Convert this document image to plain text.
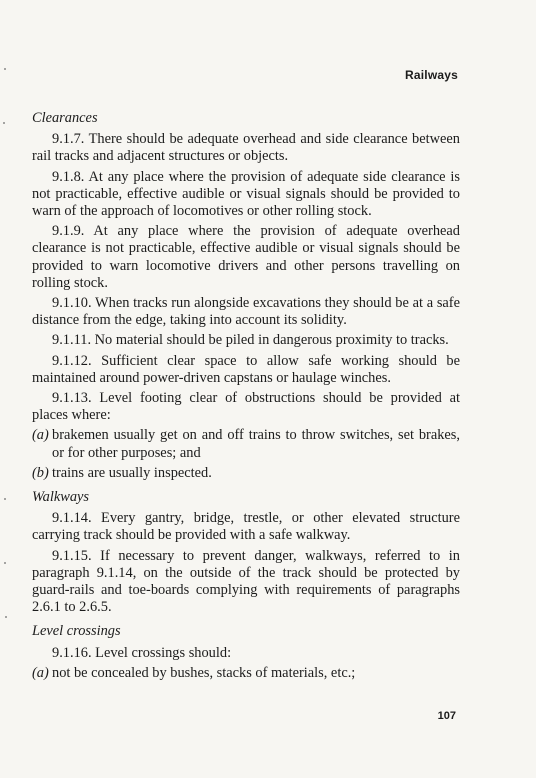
Railways

Clearances

9.1.7. There should be adequate overhead and side clearance between rail tracks and adjacent structures or objects.

9.1.8. At any place where the provision of adequate side clearance is not practicable, effective audible or visual signals should be provided to warn of the approach of locomotives or other rolling stock.

9.1.9. At any place where the provision of adequate overhead clearance is not practicable, effective audible or visual signals should be provided to warn locomotive drivers and other persons travelling on rolling stock.

9.1.10. When tracks run alongside excavations they should be at a safe distance from the edge, taking into account its solidity.

9.1.11. No material should be piled in dangerous proximity to tracks.

9.1.12. Sufficient clear space to allow safe working should be maintained around power-driven capstans or haulage winches.

9.1.13. Level footing clear of obstructions should be provided at places where:

(a) brakemen usually get on and off trains to throw switches, set brakes, or for other purposes; and

(b) trains are usually inspected.

Walkways

9.1.14. Every gantry, bridge, trestle, or other elevated structure carrying track should be provided with a safe walkway.

9.1.15. If necessary to prevent danger, walkways, referred to in paragraph 9.1.14, on the outside of the track should be protected by guard-rails and toe-boards complying with requirements of paragraphs 2.6.1 to 2.6.5.

Level crossings

9.1.16. Level crossings should:

(a) not be concealed by bushes, stacks of materials, etc.;

107
